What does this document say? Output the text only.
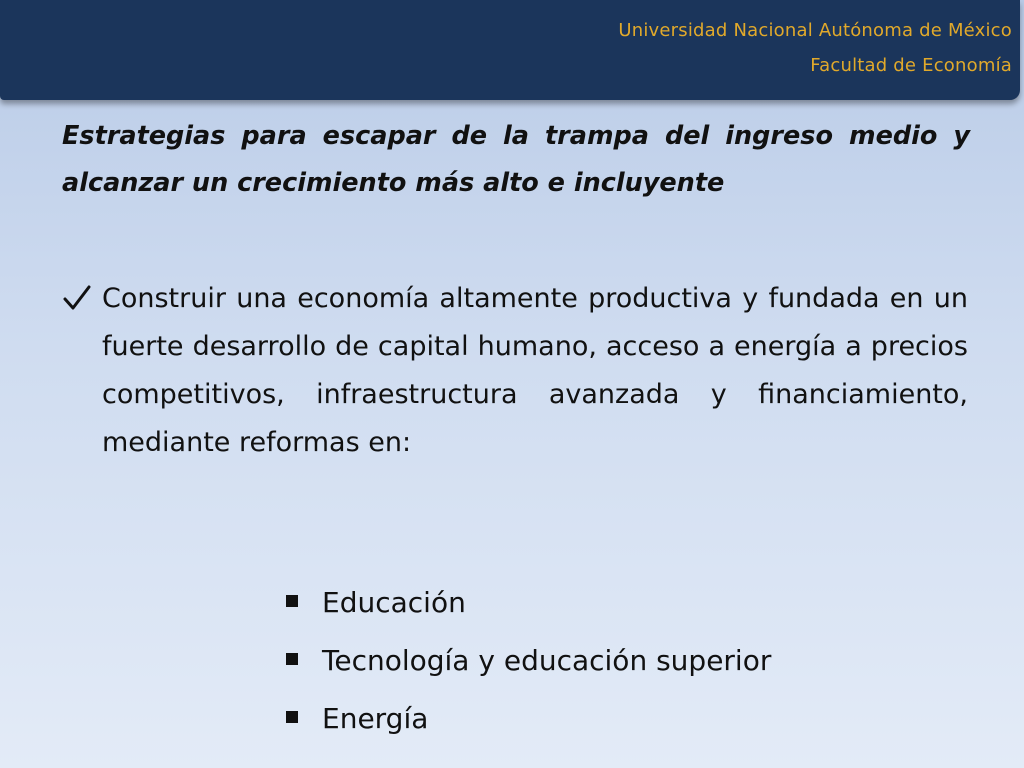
Universidad Nacional Autónoma de México
Facultad de Economía
Estrategias para escapar de la trampa del ingreso medio y alcanzar un crecimiento más alto e incluyente
Construir una economía altamente productiva y fundada en un fuerte desarrollo de capital humano, acceso a energía a precios competitivos, infraestructura avanzada y financiamiento, mediante reformas en:
Educación
Tecnología y educación superior
Energía
